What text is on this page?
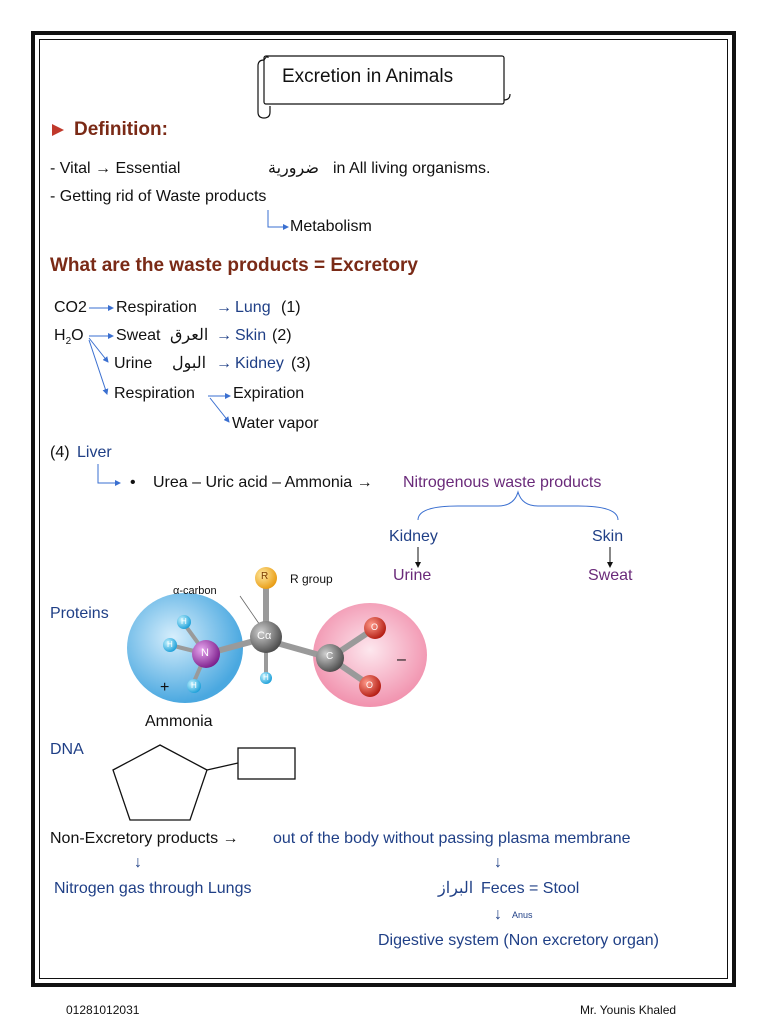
Excretion in Animals
Definition:
- Vital → Essential	ضرورية in All living organisms.
- Getting rid of Waste products
Metabolism
What are the waste products = Excretory
CO2 Respiration → Lung (1)
$H_2O$ Sweat العرق → Skin (2)
Urine البول → Kidney (3)
Respiration Expiration
Water vapor
(4) Liver
• Urea – Uric acid – Ammonia → Nitrogenous waste products
Kidney
Urine
Skin
Sweat
Proteins
α-carbon
R group
R
N
Cα
C
O
O
H
H
H
H
+
–
Ammonia
DNA
Non-Excretory products → out of the body without passing plasma membrane
↓	↓
Nitrogen gas through Lungs	البراز Feces = Stool
↓ Anus
Digestive system (Non excretory organ)
01281012031	Mr. Younis Khaled
